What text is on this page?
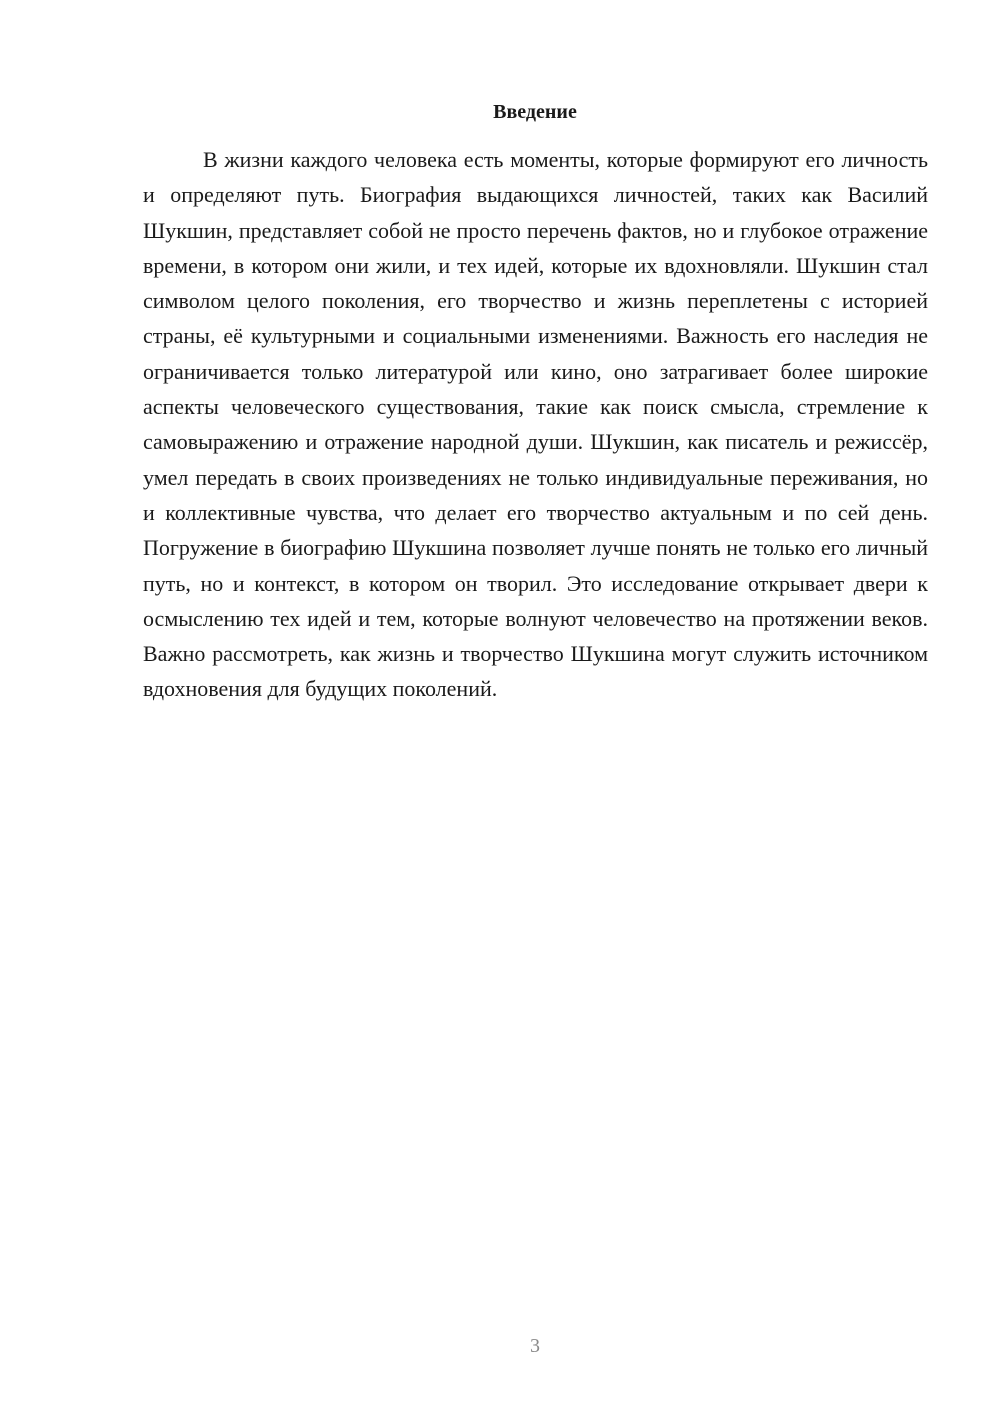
Введение

В жизни каждого человека есть моменты, которые формируют его личность и определяют путь. Биография выдающихся личностей, таких как Василий Шукшин, представляет собой не просто перечень фактов, но и глубокое отражение времени, в котором они жили, и тех идей, которые их вдохновляли. Шукшин стал символом целого поколения, его творчество и жизнь переплетены с историей страны, её культурными и социальными изменениями. Важность его наследия не ограничивается только литературой или кино, оно затрагивает более широкие аспекты человеческого существования, такие как поиск смысла, стремление к самовыражению и отражение народной души. Шукшин, как писатель и режиссёр, умел передать в своих произведениях не только индивидуальные переживания, но и коллективные чувства, что делает его творчество актуальным и по сей день. Погружение в биографию Шукшина позволяет лучше понять не только его личный путь, но и контекст, в котором он творил. Это исследование открывает двери к осмыслению тех идей и тем, которые волнуют человечество на протяжении веков. Важно рассмотреть, как жизнь и творчество Шукшина могут служить источником вдохновения для будущих поколений.

3
